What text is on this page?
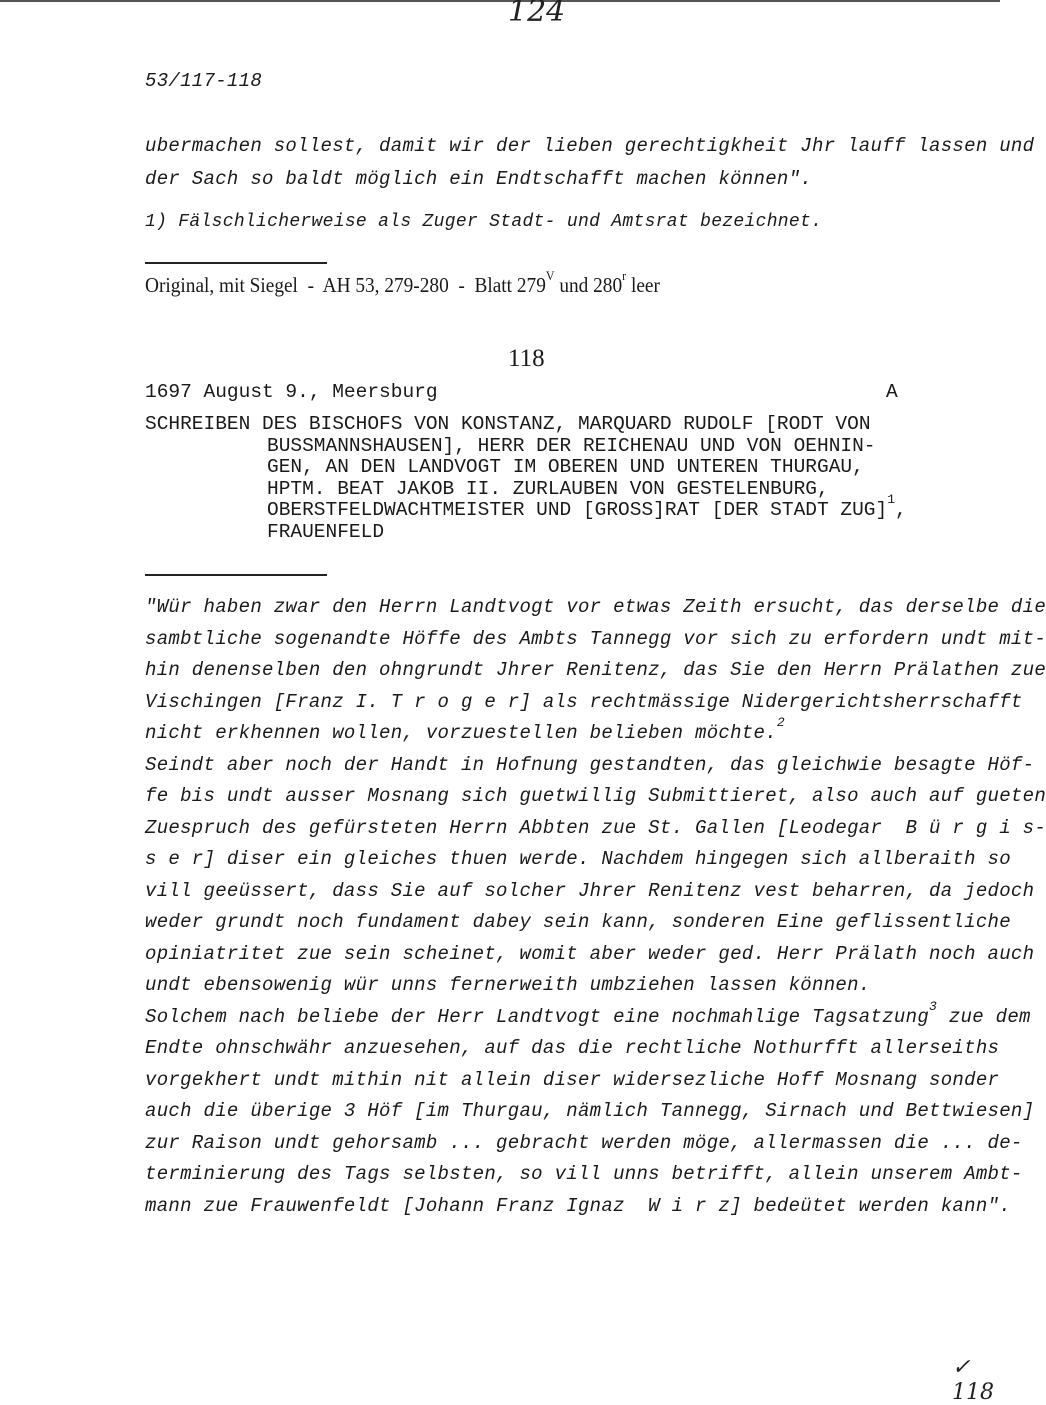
124
53/117-118
ubermachen sollest, damit wir der lieben gerechtigkheit Jhr lauff lassen und
der Sach so baldt möglich ein Endtschafft machen können".
1) Fälschlicherweise als Zuger Stadt- und Amtsrat bezeichnet.
Original, mit Siegel  -  AH 53, 279-280  -  Blatt $279^V$ und 280$^r$ leer
118
1697 August 9., Meersburg	A
SCHREIBEN DES BISCHOFS VON KONSTANZ, MARQUARD RUDOLF [RODT VON
BUSSMANNSHAUSEN], HERR DER REICHENAU UND VON OEHNIN-
GEN, AN DEN LANDVOGT IM OBEREN UND UNTEREN THURGAU,
HPTM. BEAT JAKOB II. ZURLAUBEN VON GESTELENBURG,
OBERSTFELDWACHTMEISTER UND [GROSS]RAT [DER STADT ZUG]$^1$,
FRAUENFELD
"Wür haben zwar den Herrn Landtvogt vor etwas Zeith ersucht, das derselbe die
sambtliche sogenandte Höffe des Ambts Tannegg vor sich zu erfordern undt mit-
hin denenselben den ohngrundt Jhrer Renitenz, das Sie den Herrn Prälathen zue
Vischingen [Franz I. T r o g e r] als rechtmässige Nidergerichtsherrschafft
nicht erkhennen wollen, vorzuestellen belieben möchte.$^2$
Seindt aber noch der Handt in Hofnung gestandten, das gleichwie besagte Höf-
fe bis undt ausser Mosnang sich guetwillig Submittieret, also auch auf gueten
Zuespruch des gefürsteten Herrn Abbten zue St. Gallen [Leodegar  B ü r g i s-
s e r] diser ein gleiches thuen werde. Nachdem hingegen sich allberaith so
vill geeüssert, dass Sie auf solcher Jhrer Renitenz vest beharren, da jedoch
weder grundt noch fundament dabey sein kann, sonderen Eine geflissentliche
opiniatritet zue sein scheinet, womit aber weder ged. Herr Prälath noch auch
undt ebensowenig wür unns fernerweith umbziehen lassen können.
Solchem nach beliebe der Herr Landtvogt eine nochmahlige Tagsatzung$^3$ zue dem
Endte ohnschwähr anzuesehen, auf das die rechtliche Nothurfft allerseiths
vorgekhert undt mithin nit allein diser widersezliche Hoff Mosnang sonder
auch die überige 3 Höf [im Thurgau, nämlich Tannegg, Sirnach und Bettwiesen]
zur Raison undt gehorsamb ... gebracht werden möge, allermassen die ... de-
terminierung des Tags selbsten, so vill unns betrifft, allein unserem Ambt-
mann zue Frauwenfeldt [Johann Franz Ignaz  W i r z] bedeütet werden kann".
✓ 118
